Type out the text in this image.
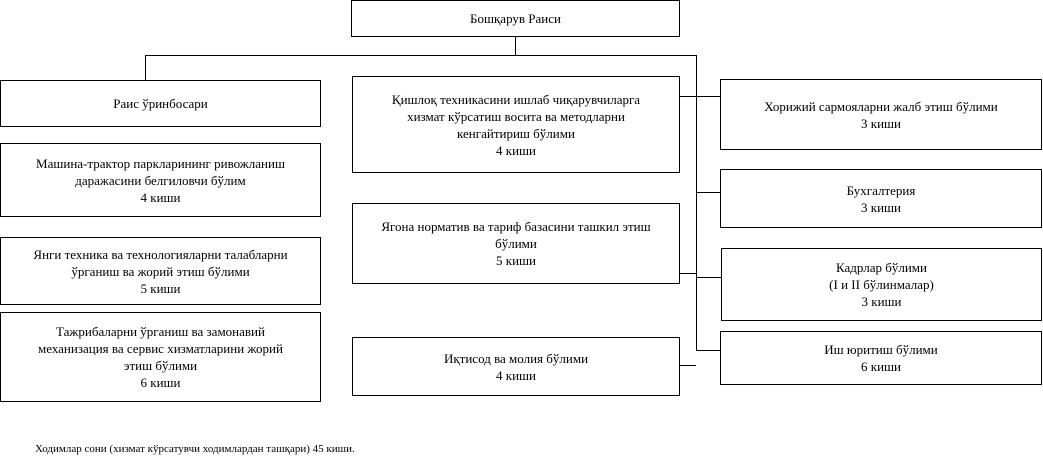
Бошқарув Раиси
Раис ўринбосари
Машина-трактор паркларининг ривожланиш
даражасини белгиловчи бўлим
4 киши
Янги техника ва технологияларни талабларни
ўрганиш ва жорий этиш бўлими
5 киши
Тажрибаларни ўрганиш ва замонавий
механизация ва сервис хизматларини жорий
этиш бўлими
6 киши
Қишлоқ техникасини ишлаб чиқарувчиларга
хизмат кўрсатиш восита ва методларни
кенгайтириш бўлими
4 киши
Ягона норматив ва тариф базасини ташкил этиш
бўлими
5 киши
Иқтисод ва молия бўлими
4 киши
Хорижий сармояларни жалб этиш бўлими
3 киши
Бухгалтерия
3 киши
Кадрлар бўлими
(I и II бўлинмалар)
3 киши
Иш юритиш бўлими
6 киши
Ходимлар сони (хизмат кўрсатувчи ходимлардан ташқари) 45 киши.
